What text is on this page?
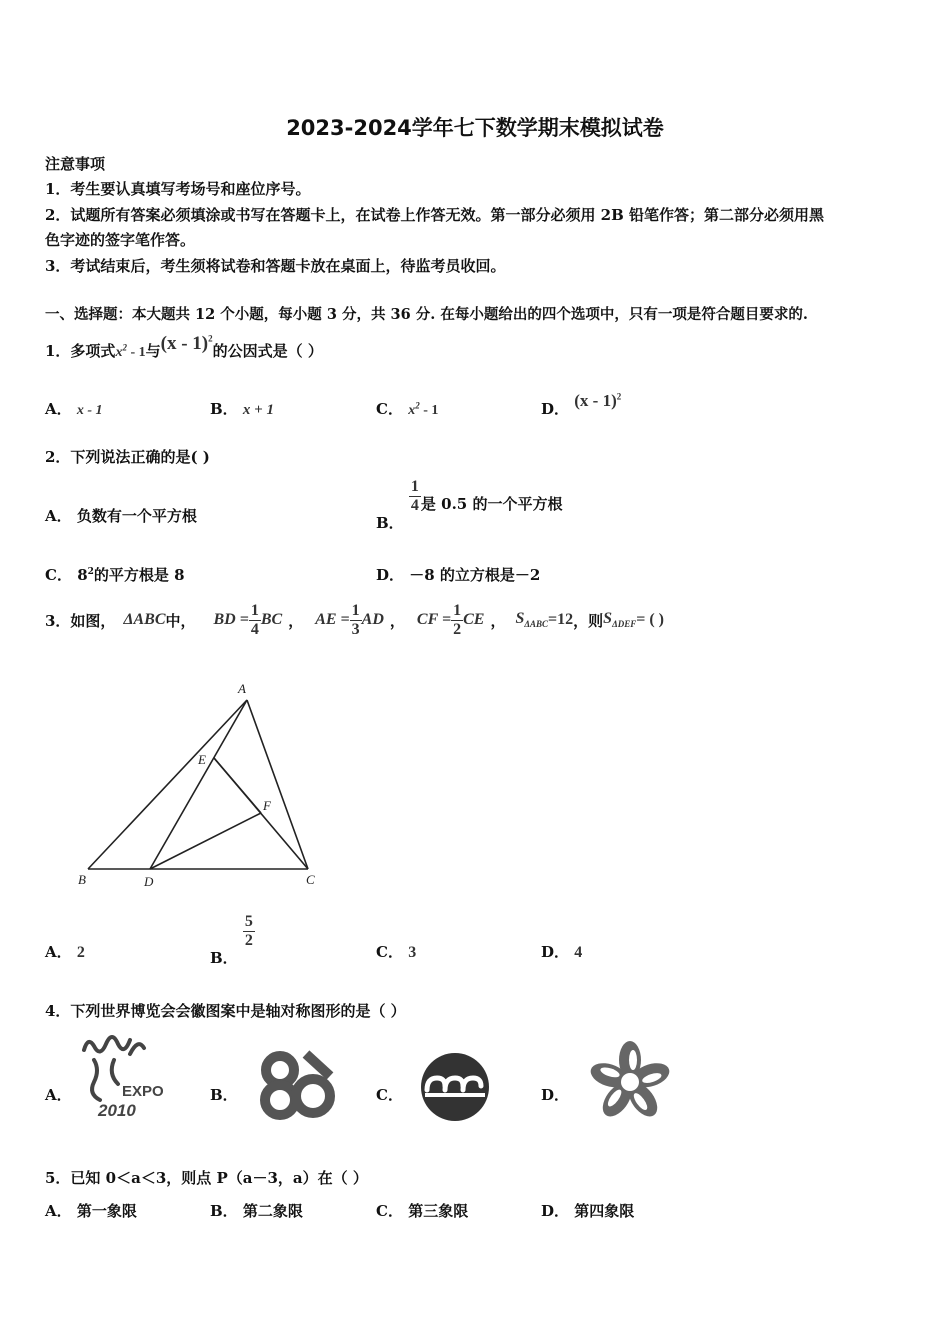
2023-2024学年七下数学期末模拟试卷
注意事项
1．考生要认真填写考场号和座位序号。
2．试题所有答案必须填涂或书写在答题卡上，在试卷上作答无效。第一部分必须用 2B 铅笔作答；第二部分必须用黑
色字迹的签字笔作答。
3．考试结束后，考生须将试卷和答题卡放在桌面上，待监考员收回。
一、选择题：本大题共 12 个小题，每小题 3 分，共 36 分. 在每小题给出的四个选项中，只有一项是符合题目要求的.
1．多项式$x^2 - 1$与(x - 1)$^2$的公因式是（ ）
A． x - 1	B． x + 1	C． $x^2 - 1$	D． (x - 1)$^2$
2．下列说法正确的是( )
A． 负数有一个平方根	B．
$\frac{1}{4}$ 是 0.5 的一个平方根
C． $8^2$的平方根是 8	D． －8 的立方根是－2
3．如图， ΔABC 中， BD = $\frac{1}{4}$ BC ， AE = $\frac{1}{3}$ AD ， CF = $\frac{1}{2}$ CE ， $S_{\Delta ABC} =12$ ，则 $S_{\Delta DEF}$ = ( )
A
B	C
D
E
F
A． 2	B．
$\frac{5}{2}$
C． 3	D． 4
4．下列世界博览会会徽图案中是轴对称图形的是（ ）
A．	EXPO
2010
B．	C．	D．
5．已知 0＜a＜3，则点 P（a－3，a）在（ ）
A． 第一象限	B． 第二象限	C． 第三象限	D． 第四象限
